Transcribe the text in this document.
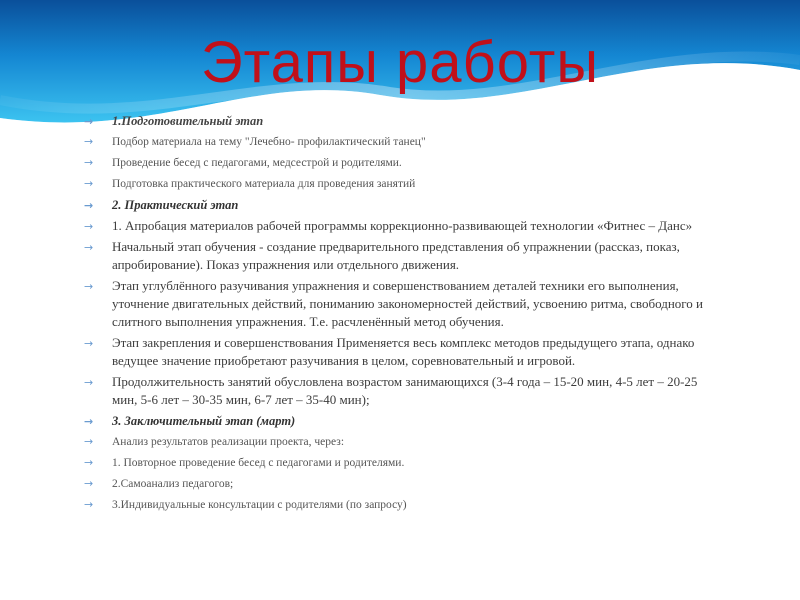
Этапы работы
→ 1.Подготовительный этап
→ Подбор материала на тему "Лечебно- профилактический танец"
→ Проведение бесед с педагогами, медсестрой и родителями.
→ Подготовка практического материала для проведения занятий
→ 2. Практический этап
→ 1. Апробация материалов рабочей программы коррекционно-развивающей технологии «Фитнес – Данс»
→ Начальный этап обучения - создание предварительного представления об упражнении (рассказ, показ, апробирование). Показ упражнения или отдельного движения.
→ Этап углублённого разучивания упражнения и совершенствованием деталей техники его выполнения, уточнение двигательных действий, пониманию закономерностей действий, усвоению ритма, свободного и слитного выполнения упражнения. Т.е. расчленённый метод обучения.
→ Этап закрепления и совершенствования Применяется весь комплекс методов предыдущего этапа, однако ведущее значение приобретают разучивания в целом, соревновательный и игровой.
→ Продолжительность занятий обусловлена возрастом занимающихся (3-4 года – 15-20 мин, 4-5 лет – 20-25 мин, 5-6 лет – 30-35 мин, 6-7 лет – 35-40 мин);
→ 3. Заключительный этап (март)
→ Анализ результатов реализации проекта, через:
→ 1. Повторное проведение бесед с педагогами и родителями.
→ 2.Самоанализ педагогов;
→ 3.Индивидуальные консультации с родителями (по запросу)
